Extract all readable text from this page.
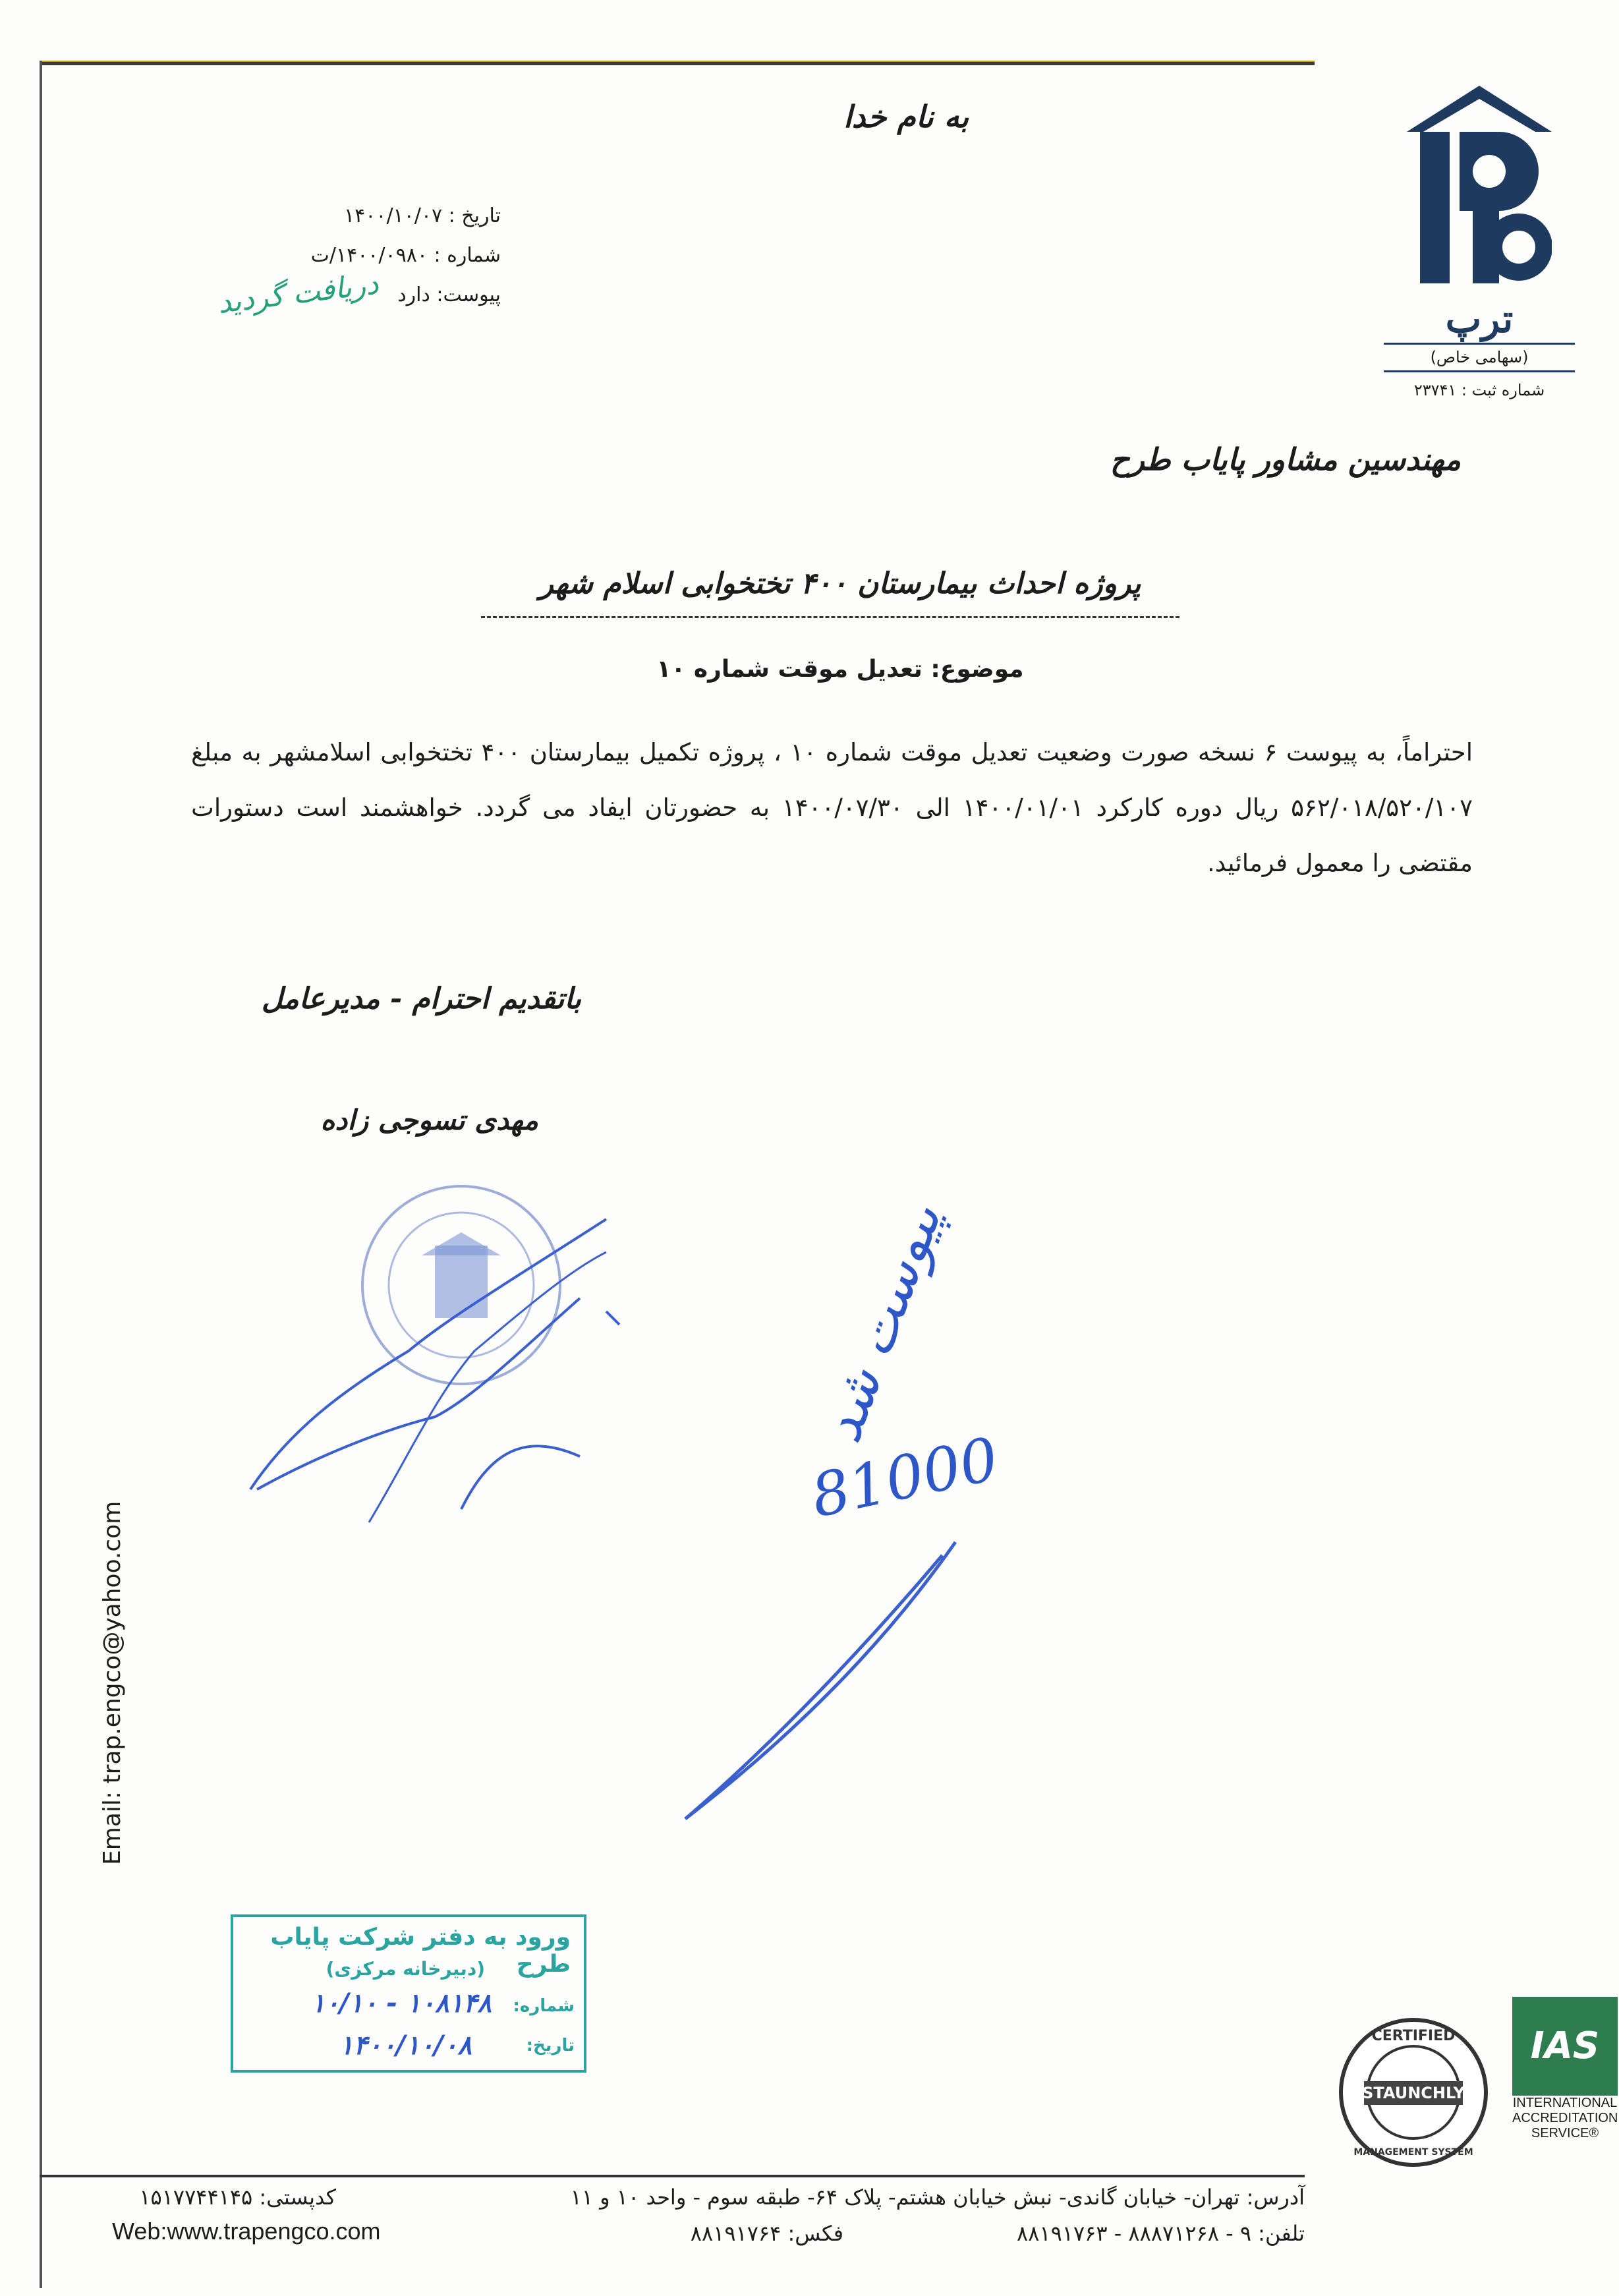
به نام خدا
تاریخ : ۱۴۰۰/۱۰/۰۷
شماره : ۱۴۰۰/۰۹۸۰/ت
پیوست: دارد
دریافت گردید	ترپ
(سهامی خاص)
شماره ثبت : ۲۳۷۴۱
مهندسین مشاور پایاب طرح
پروژه احداث بیمارستان ۴۰۰ تختخوابی اسلام شهر
موضوع: تعدیل موقت شماره ۱۰
احتراماً، به پیوست ۶ نسخه صورت وضعیت تعدیل موقت شماره ۱۰ ، پروژه تکمیل بیمارستان ۴۰۰ تختخوابی اسلامشهر به مبلغ ۵۶۲/۰۱۸/۵۲۰/۱۰۷ ریال دوره کارکرد ۱۴۰۰/۰۱/۰۱ الی ۱۴۰۰/۰۷/۳۰ به حضورتان ایفاد می گردد. خواهشمند است دستورات مقتضی را معمول فرمائید.
باتقدیم احترام - مدیرعامل
مهدی تسوجی زاده
پیوست شد
81000
Email: trap.engco@yahoo.com
ورود به دفتر شرکت پایاب طرح
(دبیرخانه مرکزی)
شماره:
۱۰/۱۰ - ۱۰۸۱۴۸
تاریخ:
۱۴۰۰/۱۰/۰۸
STAUNCHLY
CERTIFIED
MANAGEMENT SYSTEM
IAS
INTERNATIONAL
ACCREDITATION
SERVICE®
کدپستی: ۱۵۱۷۷۴۴۱۴۵
Web:www.trapengco.com
آدرس: تهران- خیابان گاندی- نبش خیابان هشتم- پلاک ۶۴- طبقه سوم - واحد ۱۰ و ۱۱
تلفن: ۹ - ۸۸۸۷۱۲۶۸ - ۸۸۱۹۱۷۶۳
فکس: ۸۸۱۹۱۷۶۴
